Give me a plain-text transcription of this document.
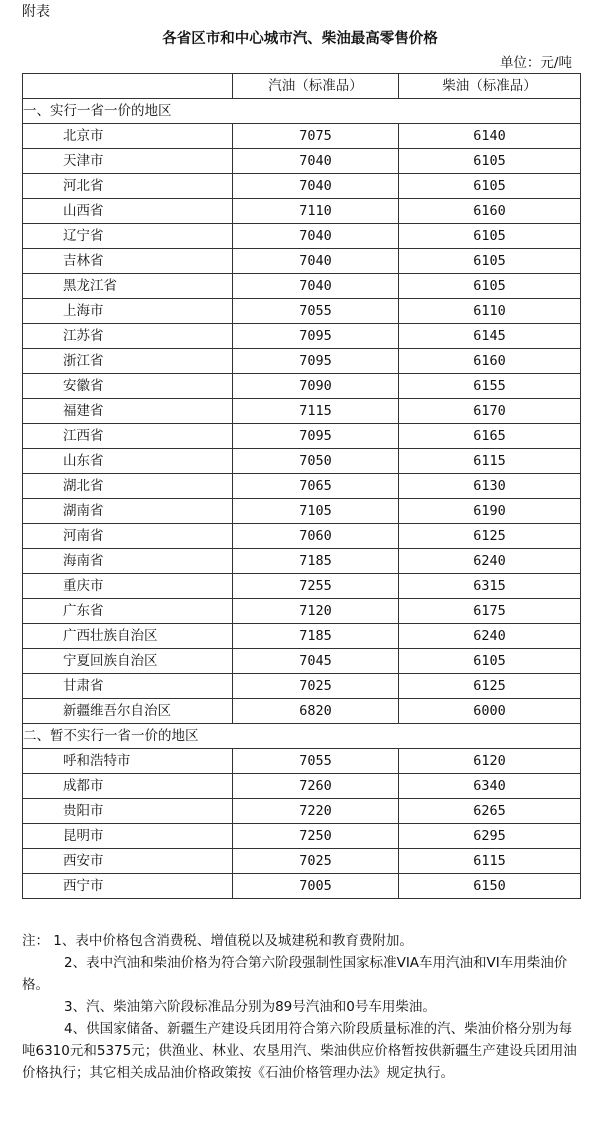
附表
各省区市和中心城市汽、柴油最高零售价格
单位：元/吨
	汽油（标准品）	柴油（标准品）
一、实行一省一价的地区		
北京市	7075	6140
天津市	7040	6105
河北省	7040	6105
山西省	7110	6160
辽宁省	7040	6105
吉林省	7040	6105
黑龙江省	7040	6105
上海市	7055	6110
江苏省	7095	6145
浙江省	7095	6160
安徽省	7090	6155
福建省	7115	6170
江西省	7095	6165
山东省	7050	6115
湖北省	7065	6130
湖南省	7105	6190
河南省	7060	6125
海南省	7185	6240
重庆市	7255	6315
广东省	7120	6175
广西壮族自治区	7185	6240
宁夏回族自治区	7045	6105
甘肃省	7025	6125
新疆维吾尔自治区	6820	6000
二、暂不实行一省一价的地区		
呼和浩特市	7055	6120
成都市	7260	6340
贵阳市	7220	6265
昆明市	7250	6295
西安市	7025	6115
西宁市	7005	6150

注： 1、表中价格包含消费税、增值税以及城建税和教育费附加。

2、表中汽油和柴油价格为符合第六阶段强制性国家标准VIA车用汽油和VI车用柴油价格。

3、汽、柴油第六阶段标准品分别为89号汽油和0号车用柴油。

4、供国家储备、新疆生产建设兵团用符合第六阶段质量标准的汽、柴油价格分别为每吨6310元和5375元；供渔业、林业、农垦用汽、柴油供应价格暂按供新疆生产建设兵团用油价格执行；其它相关成品油价格政策按《石油价格管理办法》规定执行。
